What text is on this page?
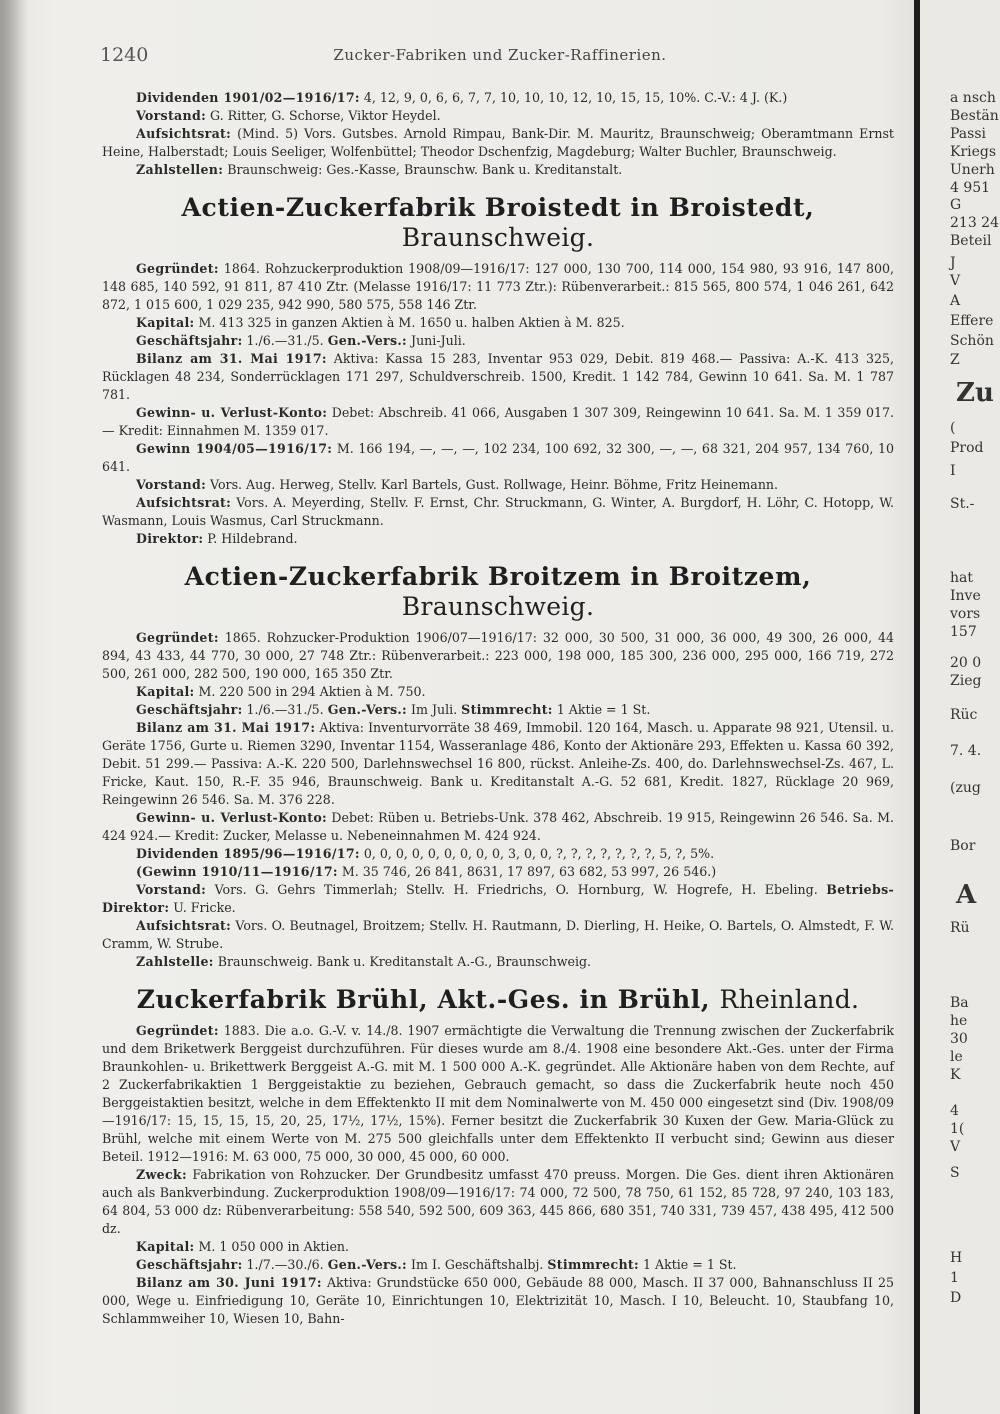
1240	Zucker-Fabriken und Zucker-Raffinerien.

Dividenden 1901/02—1916/17: 4, 12, 9, 0, 6, 6, 7, 7, 10, 10, 10, 12, 10, 15, 15, 10%. C.-V.: 4 J. (K.)

Vorstand: G. Ritter, G. Schorse, Viktor Heydel.

Aufsichtsrat: (Mind. 5) Vors. Gutsbes. Arnold Rimpau, Bank-Dir. M. Mauritz, Braunschweig; Oberamtmann Ernst Heine, Halberstadt; Louis Seeliger, Wolfenbüttel; Theodor Dschenfzig, Magdeburg; Walter Buchler, Braunschweig.

Zahlstellen: Braunschweig: Ges.-Kasse, Braunschw. Bank u. Kreditanstalt.

Actien-Zuckerfabrik Broistedt in Broistedt, Braunschweig.

Gegründet: 1864. Rohzuckerproduktion 1908/09—1916/17: 127 000, 130 700, 114 000, 154 980, 93 916, 147 800, 148 685, 140 592, 91 811, 87 410 Ztr. (Melasse 1916/17: 11 773 Ztr.): Rübenverarbeit.: 815 565, 800 574, 1 046 261, 642 872, 1 015 600, 1 029 235, 942 990, 580 575, 558 146 Ztr.

Kapital: M. 413 325 in ganzen Aktien à M. 1650 u. halben Aktien à M. 825.

Geschäftsjahr: 1./6.—31./5. Gen.-Vers.: Juni-Juli.

Bilanz am 31. Mai 1917: Aktiva: Kassa 15 283, Inventar 953 029, Debit. 819 468.— Passiva: A.-K. 413 325, Rücklagen 48 234, Sonderrücklagen 171 297, Schuldverschreib. 1500, Kredit. 1 142 784, Gewinn 10 641. Sa. M. 1 787 781.

Gewinn- u. Verlust-Konto: Debet: Abschreib. 41 066, Ausgaben 1 307 309, Reingewinn 10 641. Sa. M. 1 359 017.— Kredit: Einnahmen M. 1359 017.

Gewinn 1904/05—1916/17: M. 166 194, —, —, —, 102 234, 100 692, 32 300, —, —, 68 321, 204 957, 134 760, 10 641.

Vorstand: Vors. Aug. Herweg, Stellv. Karl Bartels, Gust. Rollwage, Heinr. Böhme, Fritz Heinemann.

Aufsichtsrat: Vors. A. Meyerding, Stellv. F. Ernst, Chr. Struckmann, G. Winter, A. Burgdorf, H. Löhr, C. Hotopp, W. Wasmann, Louis Wasmus, Carl Struckmann.

Direktor: P. Hildebrand.

Actien-Zuckerfabrik Broitzem in Broitzem, Braunschweig.

Gegründet: 1865. Rohzucker-Produktion 1906/07—1916/17: 32 000, 30 500, 31 000, 36 000, 49 300, 26 000, 44 894, 43 433, 44 770, 30 000, 27 748 Ztr.: Rübenverarbeit.: 223 000, 198 000, 185 300, 236 000, 295 000, 166 719, 272 500, 261 000, 282 500, 190 000, 165 350 Ztr.

Kapital: M. 220 500 in 294 Aktien à M. 750.

Geschäftsjahr: 1./6.—31./5. Gen.-Vers.: Im Juli. Stimmrecht: 1 Aktie = 1 St.

Bilanz am 31. Mai 1917: Aktiva: Inventurvorräte 38 469, Immobil. 120 164, Masch. u. Apparate 98 921, Utensil. u. Geräte 1756, Gurte u. Riemen 3290, Inventar 1154, Wasseranlage 486, Konto der Aktionäre 293, Effekten u. Kassa 60 392, Debit. 51 299.— Passiva: A.-K. 220 500, Darlehnswechsel 16 800, rückst. Anleihe-Zs. 400, do. Darlehnswechsel-Zs. 467, L. Fricke, Kaut. 150, R.-F. 35 946, Braunschweig. Bank u. Kreditanstalt A.-G. 52 681, Kredit. 1827, Rücklage 20 969, Reingewinn 26 546. Sa. M. 376 228.

Gewinn- u. Verlust-Konto: Debet: Rüben u. Betriebs-Unk. 378 462, Abschreib. 19 915, Reingewinn 26 546. Sa. M. 424 924.— Kredit: Zucker, Melasse u. Nebeneinnahmen M. 424 924.

Dividenden 1895/96—1916/17: 0, 0, 0, 0, 0, 0, 0, 0, 0, 3, 0, 0, ?, ?, ?, ?, ?, ?, ?, 5, ?, 5%.

(Gewinn 1910/11—1916/17: M. 35 746, 26 841, 8631, 17 897, 63 682, 53 997, 26 546.)

Vorstand: Vors. G. Gehrs Timmerlah; Stellv. H. Friedrichs, O. Hornburg, W. Hogrefe, H. Ebeling. Betriebs-Direktor: U. Fricke.

Aufsichtsrat: Vors. O. Beutnagel, Broitzem; Stellv. H. Rautmann, D. Dierling, H. Heike, O. Bartels, O. Almstedt, F. W. Cramm, W. Strube.

Zahlstelle: Braunschweig. Bank u. Kreditanstalt A.-G., Braunschweig.

Zuckerfabrik Brühl, Akt.-Ges. in Brühl, Rheinland.

Gegründet: 1883. Die a.o. G.-V. v. 14./8. 1907 ermächtigte die Verwaltung die Trennung zwischen der Zuckerfabrik und dem Briketwerk Berggeist durchzuführen. Für dieses wurde am 8./4. 1908 eine besondere Akt.-Ges. unter der Firma Braunkohlen- u. Brikettwerk Berggeist A.-G. mit M. 1 500 000 A.-K. gegründet. Alle Aktionäre haben von dem Rechte, auf 2 Zuckerfabrikaktien 1 Berggeistaktie zu beziehen, Gebrauch gemacht, so dass die Zuckerfabrik heute noch 450 Berggeistaktien besitzt, welche in dem Effektenkto II mit dem Nominalwerte von M. 450 000 eingesetzt sind (Div. 1908/09—1916/17: 15, 15, 15, 15, 20, 25, 17½, 17½, 15%). Ferner besitzt die Zuckerfabrik 30 Kuxen der Gew. Maria-Glück zu Brühl, welche mit einem Werte von M. 275 500 gleichfalls unter dem Effektenkto II verbucht sind; Gewinn aus dieser Beteil. 1912—1916: M. 63 000, 75 000, 30 000, 45 000, 60 000.

Zweck: Fabrikation von Rohzucker. Der Grundbesitz umfasst 470 preuss. Morgen. Die Ges. dient ihren Aktionären auch als Bankverbindung. Zuckerproduktion 1908/09—1916/17: 74 000, 72 500, 78 750, 61 152, 85 728, 97 240, 103 183, 64 804, 53 000 dz: Rübenverarbeitung: 558 540, 592 500, 609 363, 445 866, 680 351, 740 331, 739 457, 438 495, 412 500 dz.

Kapital: M. 1 050 000 in Aktien.

Geschäftsjahr: 1./7.—30./6. Gen.-Vers.: Im I. Geschäftshalbj. Stimmrecht: 1 Aktie = 1 St.

Bilanz am 30. Juni 1917: Aktiva: Grundstücke 650 000, Gebäude 88 000, Masch. II 37 000, Bahnanschluss II 25 000, Wege u. Einfriedigung 10, Geräte 10, Einrichtungen 10, Elektrizität 10, Masch. I 10, Beleucht. 10, Staubfang 10, Schlammweiher 10, Wiesen 10, Bahn-

a nsch
Bestän
Passi
Kriegs
Unerh
4 951
G
213 24
Beteil
J
V
A
Effere
Schön
Z
Zu
(
Prod
I
St.-
hat
Inve
vors
157
20 0
Zieg
Rüc
7. 4.
(zug
Bor
A
Rü
Ba
he
30
le
K
4
1(
V
S
H
1
D
